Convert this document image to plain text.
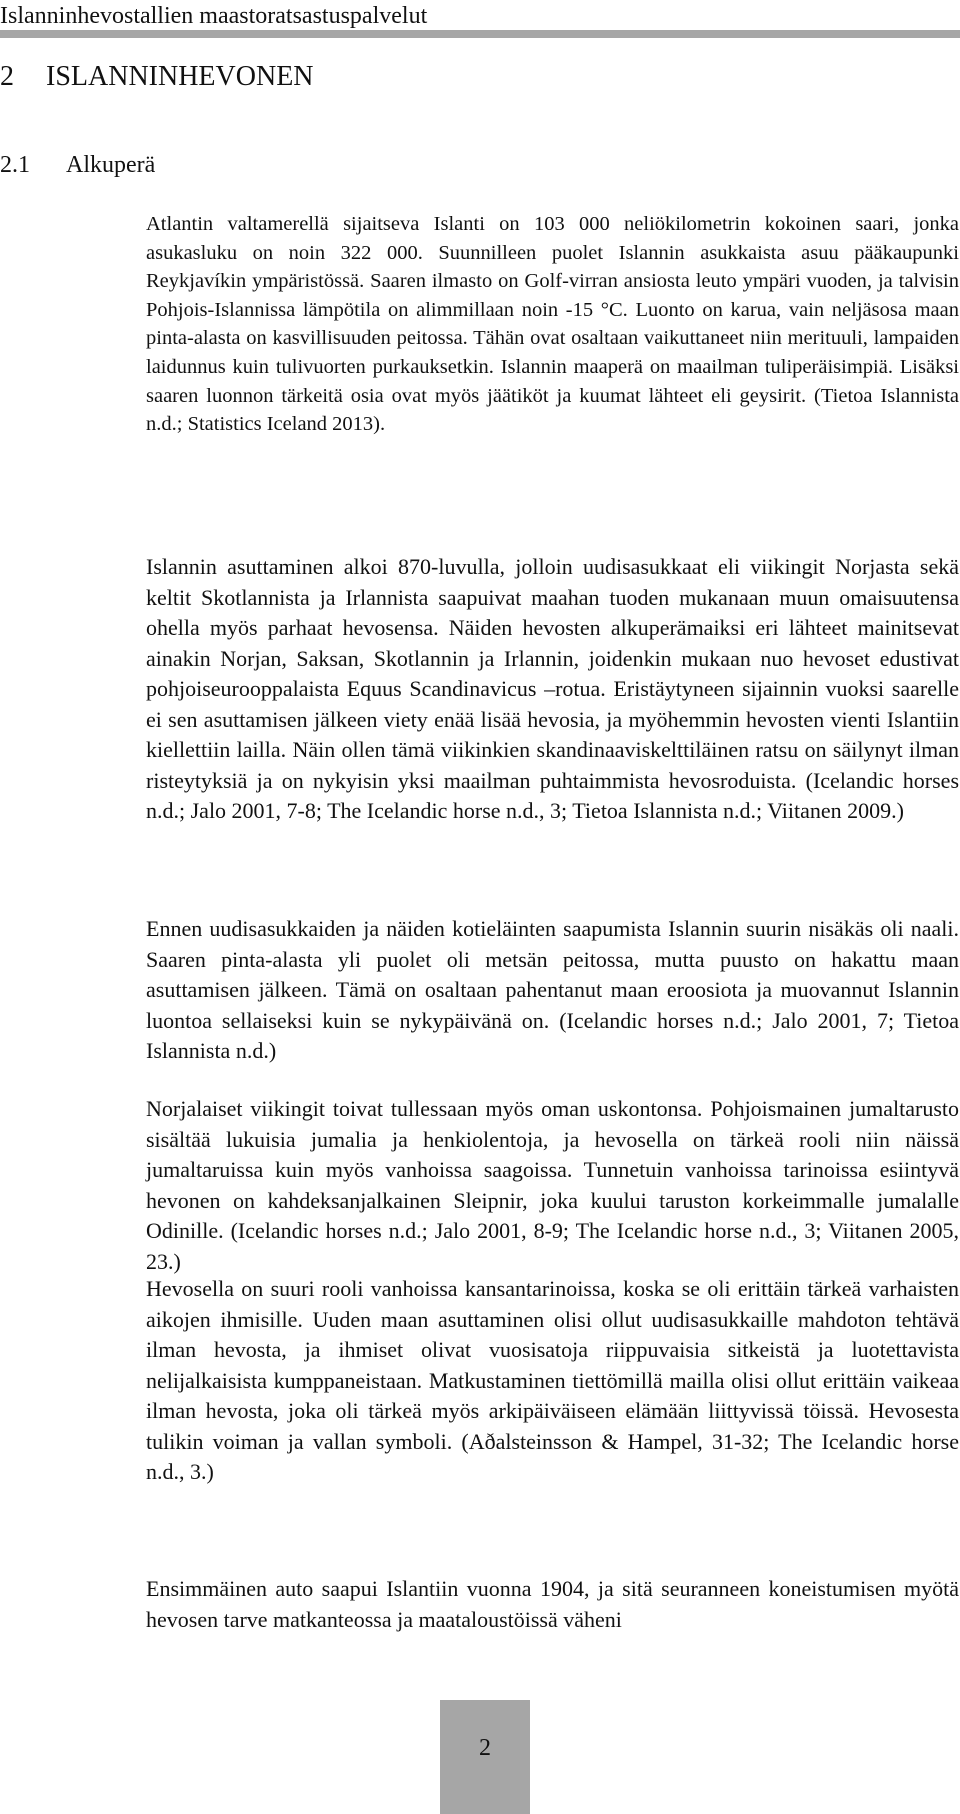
Islanninhevostallien maastoratsastuspalvelut
2 ISLANNINHEVONEN
2.1 Alkuperä

Atlantin valtamerellä sijaitseva Islanti on 103 000 neliökilometrin kokoinen saari, jonka asukasluku on noin 322 000. Suunnilleen puolet Islannin asukkaista asuu pääkaupunki Reykjavíkin ympäristössä. Saaren ilmasto on Golf-virran ansiosta leuto ympäri vuoden, ja talvisin Pohjois-Islannissa lämpötila on alimmillaan noin -15 °C. Luonto on karua, vain neljäsosa maan pinta-alasta on kasvillisuuden peitossa. Tähän ovat osaltaan vaikuttaneet niin merituuli, lampaiden laidunnus kuin tulivuorten purkauksetkin. Islannin maaperä on maailman tuliperäisimpiä. Lisäksi saaren luonnon tärkeitä osia ovat myös jäätiköt ja kuumat lähteet eli geysirit. (Tietoa Islannista n.d.; Statistics Iceland 2013).

Islannin asuttaminen alkoi 870-luvulla, jolloin uudisasukkaat eli viikingit Norjasta sekä keltit Skotlannista ja Irlannista saapuivat maahan tuoden mukanaan muun omaisuutensa ohella myös parhaat hevosensa. Näiden hevosten alkuperämaiksi eri lähteet mainitsevat ainakin Norjan, Saksan, Skotlannin ja Irlannin, joidenkin mukaan nuo hevoset edustivat pohjoiseurooppalaista Equus Scandinavicus –rotua. Eristäytyneen sijainnin vuoksi saarelle ei sen asuttamisen jälkeen viety enää lisää hevosia, ja myöhemmin hevosten vienti Islantiin kiellettiin lailla. Näin ollen tämä viikinkien skandinaaviskelttiläinen ratsu on säilynyt ilman risteytyksiä ja on nykyisin yksi maailman puhtaimmista hevosroduista. (Icelandic horses n.d.; Jalo 2001, 7-8; The Icelandic horse n.d., 3; Tietoa Islannista n.d.; Viitanen 2009.)

Ennen uudisasukkaiden ja näiden kotieläinten saapumista Islannin suurin nisäkäs oli naali. Saaren pinta-alasta yli puolet oli metsän peitossa, mutta puusto on hakattu maan asuttamisen jälkeen. Tämä on osaltaan pahentanut maan eroosiota ja muovannut Islannin luontoa sellaiseksi kuin se nykypäivänä on. (Icelandic horses n.d.; Jalo 2001, 7; Tietoa Islannista n.d.)

Norjalaiset viikingit toivat tullessaan myös oman uskontonsa. Pohjoismainen jumaltarusto sisältää lukuisia jumalia ja henkiolentoja, ja hevosella on tärkeä rooli niin näissä jumaltaruissa kuin myös vanhoissa saagoissa. Tunnetuin vanhoissa tarinoissa esiintyvä hevonen on kahdeksanjalkainen Sleipnir, joka kuului taruston korkeimmalle jumalalle Odinille. (Icelandic horses n.d.; Jalo 2001, 8-9; The Icelandic horse n.d., 3; Viitanen 2005, 23.)

Hevosella on suuri rooli vanhoissa kansantarinoissa, koska se oli erittäin tärkeä varhaisten aikojen ihmisille. Uuden maan asuttaminen olisi ollut uudisasukkaille mahdoton tehtävä ilman hevosta, ja ihmiset olivat vuosisatoja riippuvaisia sitkeistä ja luotettavista nelijalkaisista kumppaneistaan. Matkustaminen tiettömillä mailla olisi ollut erittäin vaikeaa ilman hevosta, joka oli tärkeä myös arkipäiväiseen elämään liittyvissä töissä. Hevosesta tulikin voiman ja vallan symboli. (Aðalsteinsson & Hampel, 31-32; The Icelandic horse n.d., 3.)

Ensimmäinen auto saapui Islantiin vuonna 1904, ja sitä seuranneen koneistumisen myötä hevosen tarve matkanteossa ja maataloustöissä väheni

2
